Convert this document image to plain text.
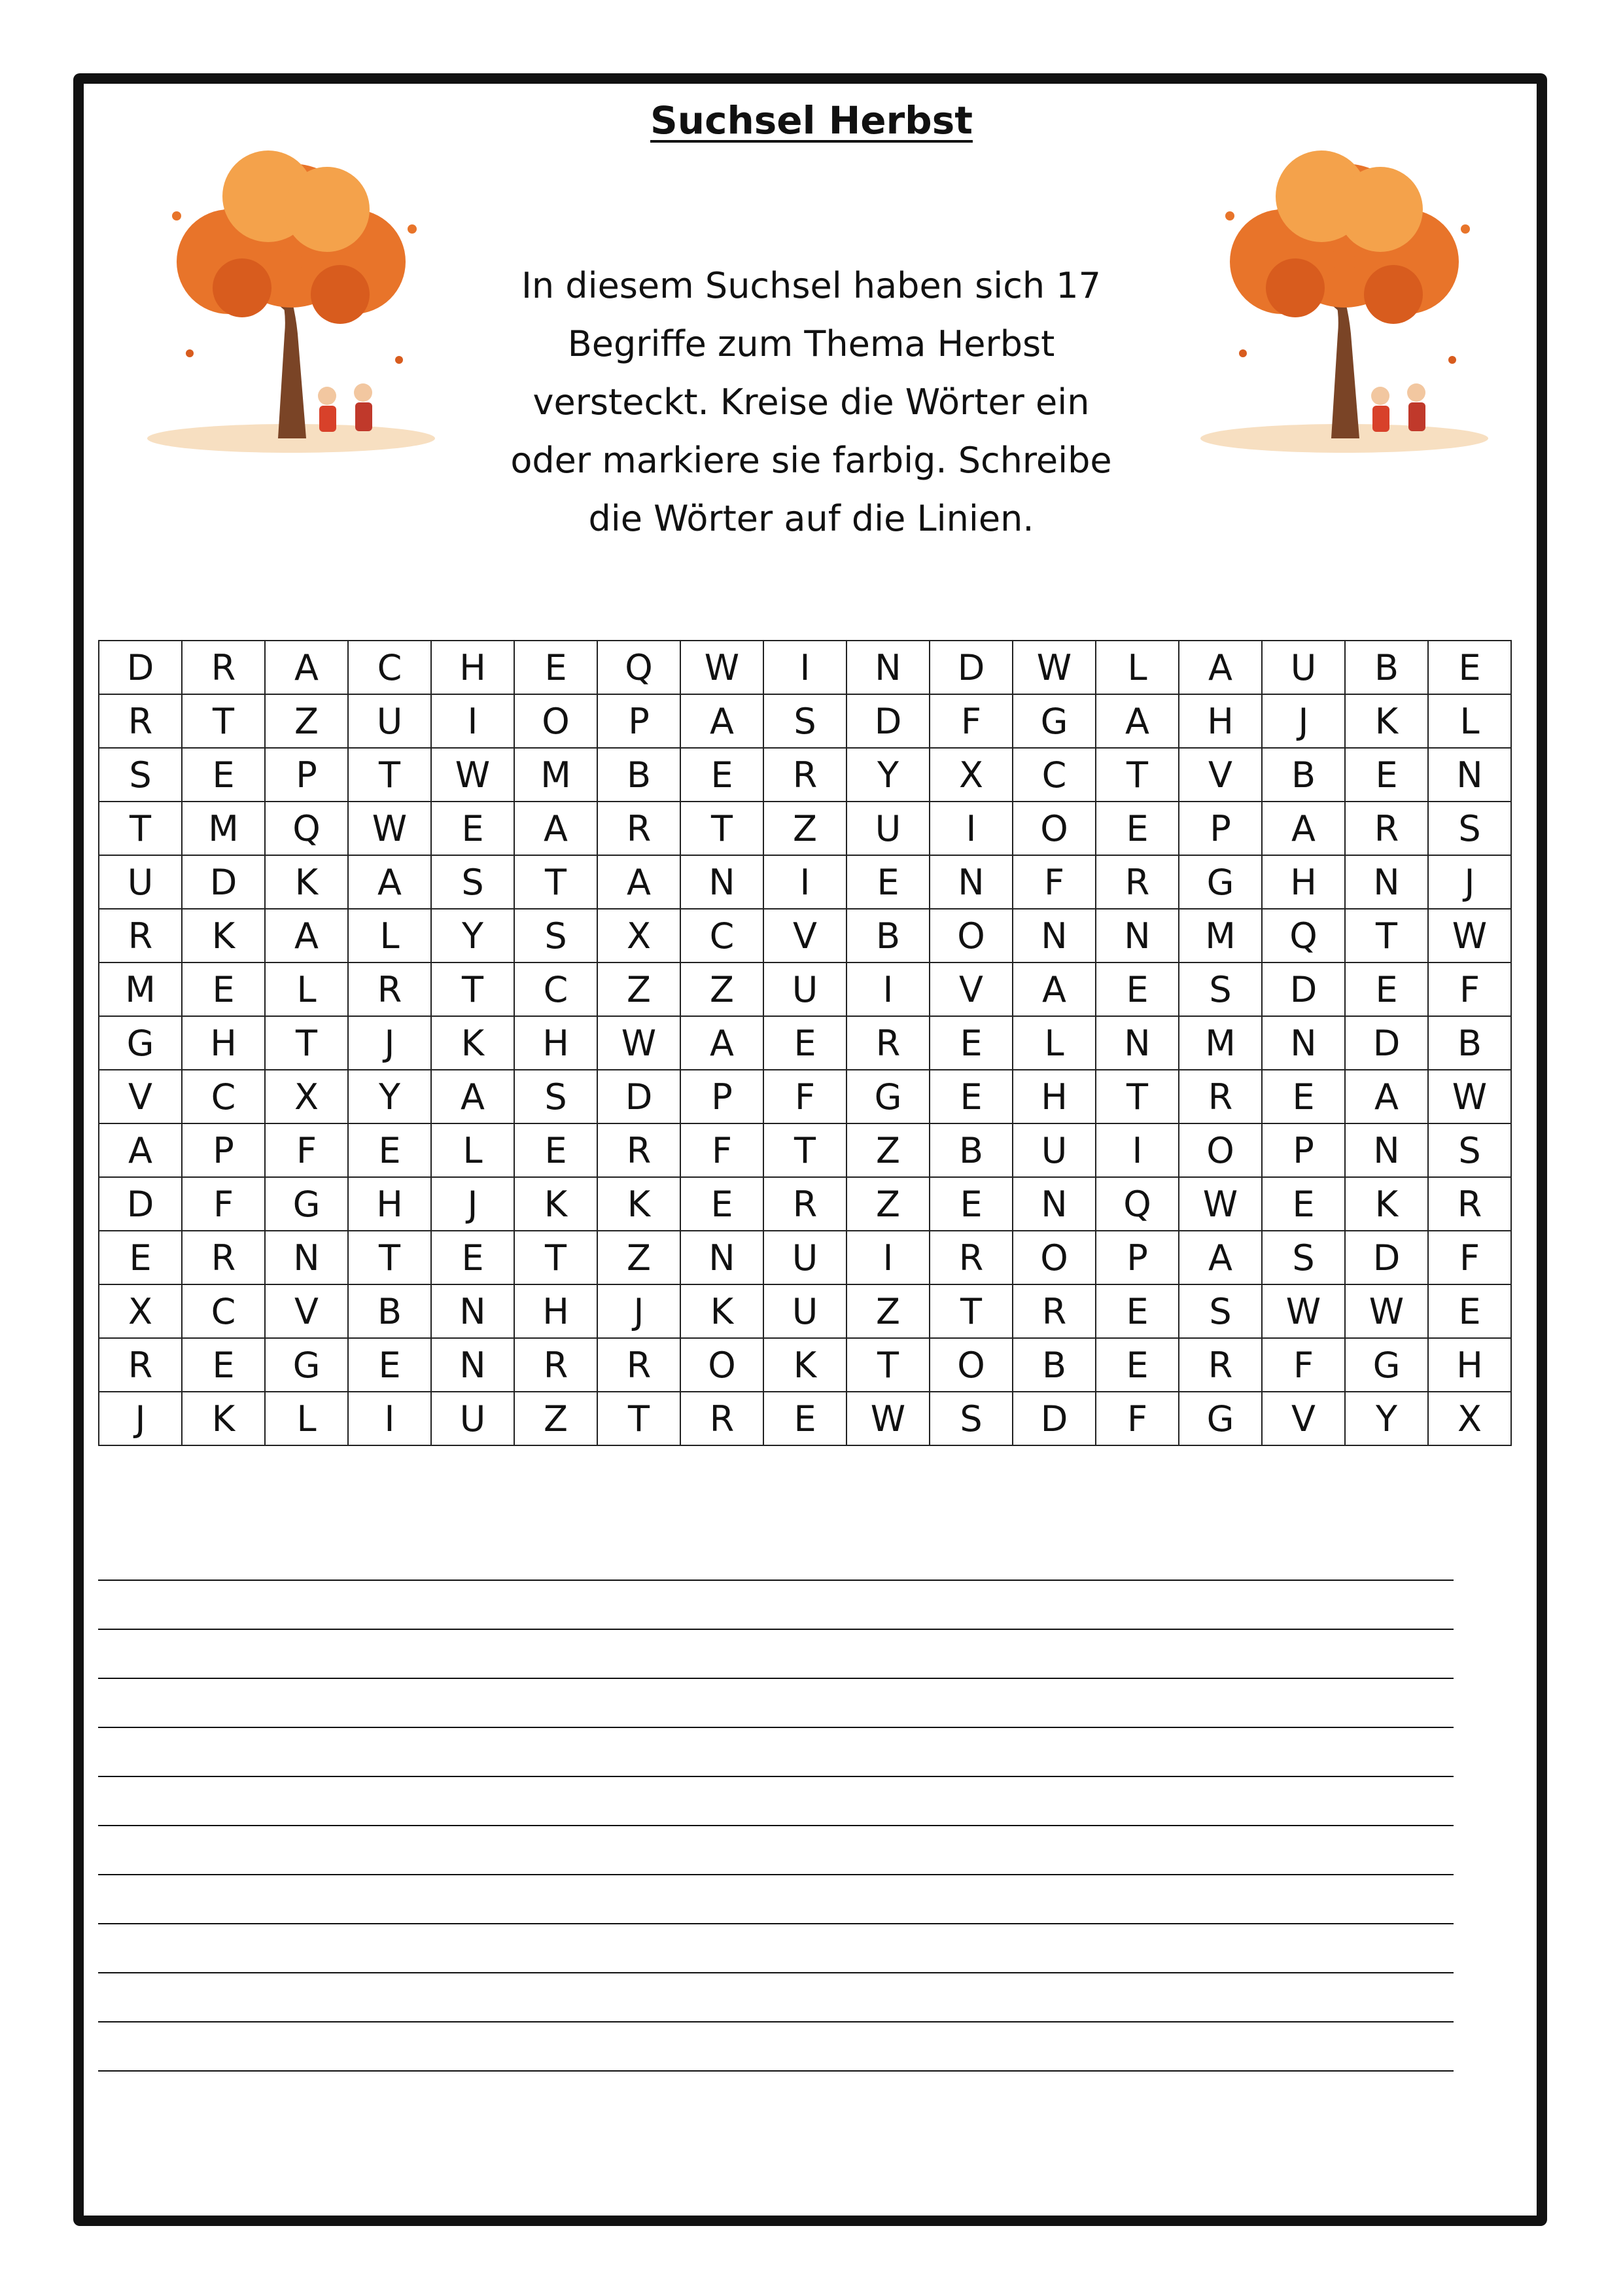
Suchsel Herbst
In diesem Suchsel haben sich 17
Begriffe zum Thema Herbst
versteckt. Kreise die Wörter ein
oder markiere sie farbig. Schreibe
die Wörter auf die Linien.
D	R	A	C	H	E	Q	W	I	N	D	W	L	A	U	B	E
R	T	Z	U	I	O	P	A	S	D	F	G	A	H	J	K	L
S	E	P	T	W	M	B	E	R	Y	X	C	T	V	B	E	N
T	M	Q	W	E	A	R	T	Z	U	I	O	E	P	A	R	S
U	D	K	A	S	T	A	N	I	E	N	F	R	G	H	N	J
R	K	A	L	Y	S	X	C	V	B	O	N	N	M	Q	T	W
M	E	L	R	T	C	Z	Z	U	I	V	A	E	S	D	E	F
G	H	T	J	K	H	W	A	E	R	E	L	N	M	N	D	B
V	C	X	Y	A	S	D	P	F	G	E	H	T	R	E	A	W
A	P	F	E	L	E	R	F	T	Z	B	U	I	O	P	N	S
D	F	G	H	J	K	K	E	R	Z	E	N	Q	W	E	K	R
E	R	N	T	E	T	Z	N	U	I	R	O	P	A	S	D	F
X	C	V	B	N	H	J	K	U	Z	T	R	E	S	W	W	E
R	E	G	E	N	R	R	O	K	T	O	B	E	R	F	G	H
J	K	L	I	U	Z	T	R	E	W	S	D	F	G	V	Y	X
